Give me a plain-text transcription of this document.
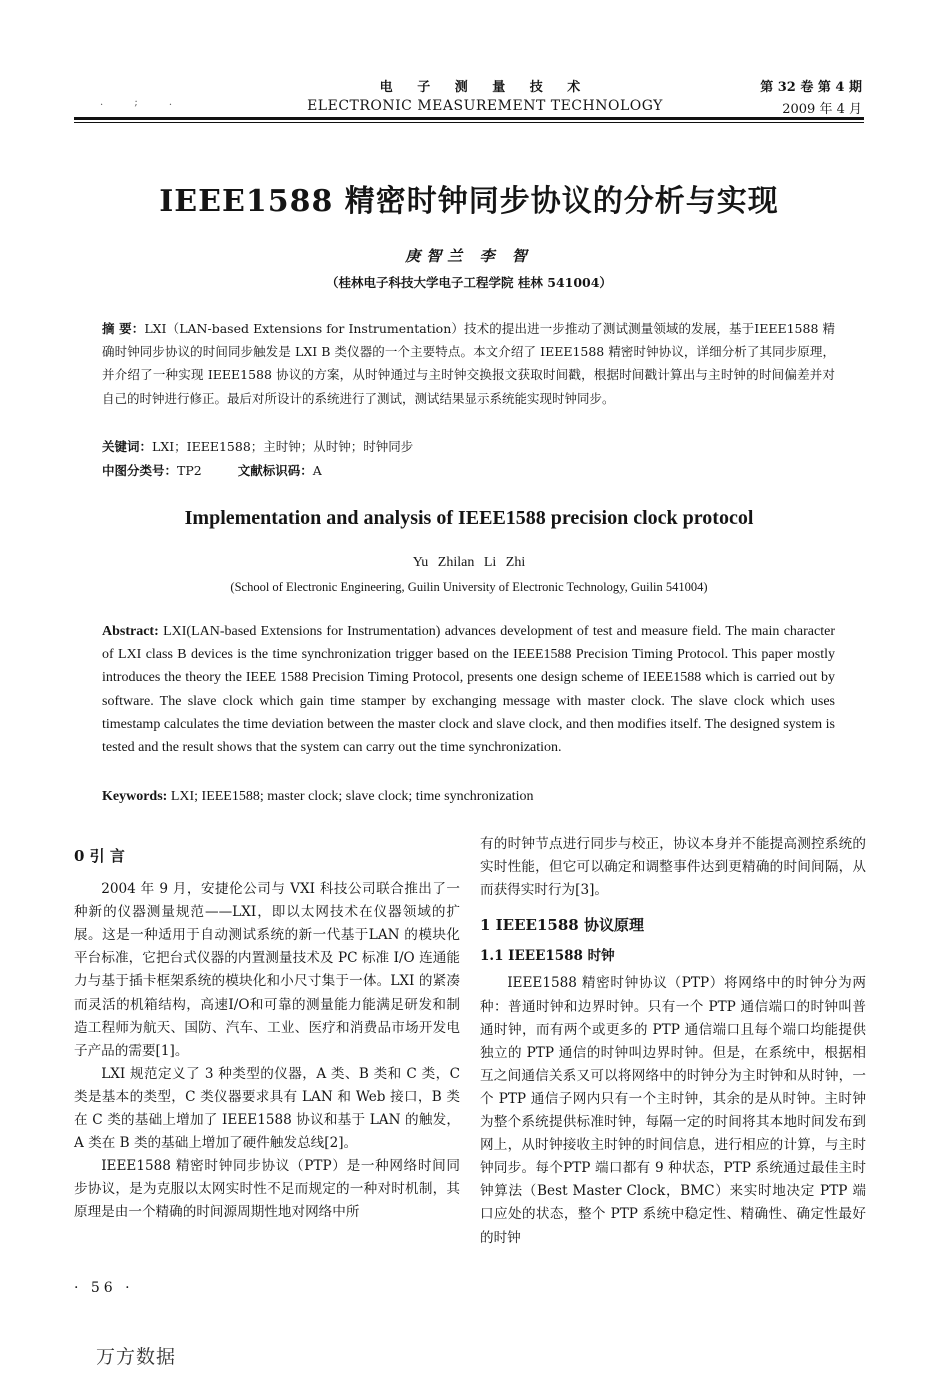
. ; .
电 子 测 量 技 术
ELECTRONIC MEASUREMENT TECHNOLOGY
第 32 卷 第 4 期
2009 年 4 月
IEEE1588 精密时钟同步协议的分析与实现
庚智兰 李 智
（桂林电子科技大学电子工程学院 桂林 541004）
摘 要：LXI（LAN-based Extensions for Instrumentation）技术的提出进一步推动了测试测量领域的发展，基于IEEE1588 精确时钟同步协议的时间同步触发是 LXI B 类仪器的一个主要特点。本文介绍了 IEEE1588 精密时钟协议，详细分析了其同步原理，并介绍了一种实现 IEEE1588 协议的方案，从时钟通过与主时钟交换报文获取时间戳，根据时间戳计算出与主时钟的时间偏差并对自己的时钟进行修正。最后对所设计的系统进行了测试，测试结果显示系统能实现时钟同步。
关键词：LXI；IEEE1588；主时钟；从时钟；时钟同步
中图分类号：TP2	文献标识码：A
Implementation and analysis of IEEE1588 precision clock protocol
Yu Zhilan Li Zhi
(School of Electronic Engineering, Guilin University of Electronic Technology, Guilin 541004)
Abstract: LXI(LAN-based Extensions for Instrumentation) advances development of test and measure field. The main character of LXI class B devices is the time synchronization trigger based on the IEEE1588 Precision Timing Protocol. This paper mostly introduces the theory the IEEE 1588 Precision Timing Protocol, presents one design scheme of IEEE1588 which is carried out by software. The slave clock which gain time stamper by exchanging message with master clock. The slave clock which uses timestamp calculates the time deviation between the master clock and slave clock, and then modifies itself. The designed system is tested and the result shows that the system can carry out the time synchronization.
Keywords: LXI; IEEE1588; master clock; slave clock; time synchronization
0 引 言

2004 年 9 月，安捷伦公司与 VXI 科技公司联合推出了一种新的仪器测量规范——LXI，即以太网技术在仪器领域的扩展。这是一种适用于自动测试系统的新一代基于LAN 的模块化平台标准，它把台式仪器的内置测量技术及 PC 标准 I/O 连通能力与基于插卡框架系统的模块化和小尺寸集于一体。LXI 的紧凑而灵活的机箱结构，高速I/O和可靠的测量能力能满足研发和制造工程师为航天、国防、汽车、工业、医疗和消费品市场开发电子产品的需要[1]。

LXI 规范定义了 3 种类型的仪器，A 类、B 类和 C 类，C 类是基本的类型，C 类仪器要求具有 LAN 和 Web 接口，B 类在 C 类的基础上增加了 IEEE1588 协议和基于 LAN 的触发，A 类在 B 类的基础上增加了硬件触发总线[2]。

IEEE1588 精密时钟同步协议（PTP）是一种网络时间同步协议，是为克服以太网实时性不足而规定的一种对时机制，其原理是由一个精确的时间源周期性地对网络中所

有的时钟节点进行同步与校正，协议本身并不能提高测控系统的实时性能，但它可以确定和调整事件达到更精确的时间间隔，从而获得实时行为[3]。

1 IEEE1588 协议原理
1.1 IEEE1588 时钟

IEEE1588 精密时钟协议（PTP）将网络中的时钟分为两种：普通时钟和边界时钟。只有一个 PTP 通信端口的时钟叫普通时钟，而有两个或更多的 PTP 通信端口且每个端口均能提供独立的 PTP 通信的时钟叫边界时钟。但是，在系统中，根据相互之间通信关系又可以将网络中的时钟分为主时钟和从时钟，一个 PTP 通信子网内只有一个主时钟，其余的是从时钟。主时钟为整个系统提供标准时钟，每隔一定的时间将其本地时间发布到网上，从时钟接收主时钟的时间信息，进行相应的计算，与主时钟同步。每个PTP 端口都有 9 种状态，PTP 系统通过最佳主时钟算法（Best Master Clock，BMC）来实时地决定 PTP 端口应处的状态，整个 PTP 系统中稳定性、精确性、确定性最好的时钟

· 56 ·
万方数据
